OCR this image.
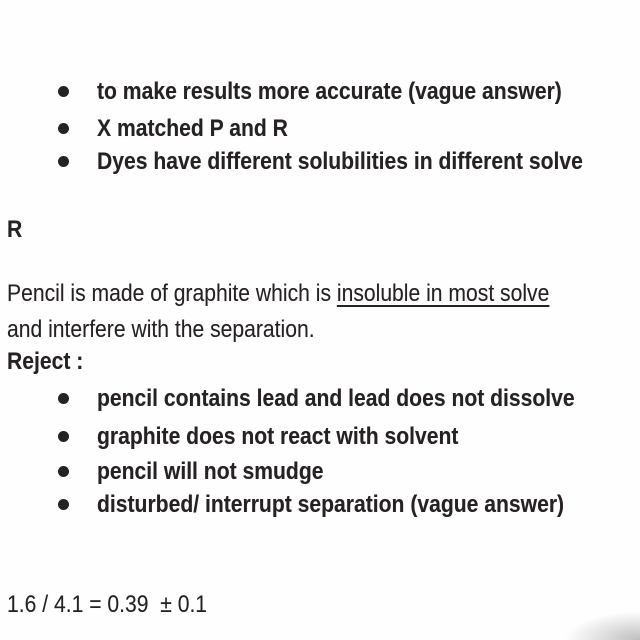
to make results more accurate (vague answer)
X matched P and R
Dyes have different solubilities in different solve
R
Pencil is made of graphite which is insoluble in most solve
and interfere with the separation.
Reject :
pencil contains lead and lead does not dissolve
graphite does not react with solvent
pencil will not smudge
disturbed/ interrupt separation (vague answer)
1.6 / 4.1 = 0.39  ± 0.1
